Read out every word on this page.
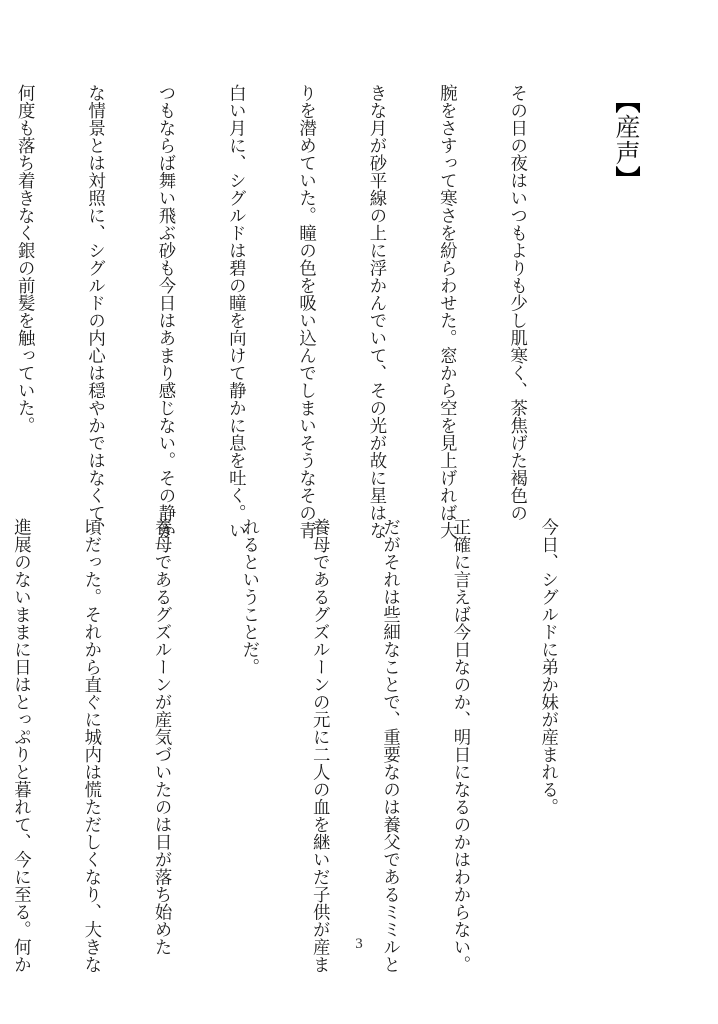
【産声】

その日の夜はいつもよりも少し肌寒く、茶焦げた褐色の

腕をさすって寒さを紛らわせた。窓から空を見上げれば大

きな月が砂平線の上に浮かんでいて、その光が故に星はな

りを潜めていた。瞳の色を吸い込んでしまいそうなその青

白い月に、シグルドは碧の瞳を向けて静かに息を吐く。い

つもならば舞い飛ぶ砂も今日はあまり感じない。その静か

な情景とは対照に、シグルドの内心は穏やかではなくて、

何度も落ち着きなく銀の前髪を触っていた。

今日、シグルドに弟か妹が産まれる。

正確に言えば今日なのか、明日になるのかはわからない。

だがそれは些細なことで、重要なのは養父であるミミルと

養母であるグズルーンの元に二人の血を継いだ子供が産ま

れるということだ。

養母であるグズルーンが産気づいたのは日が落ち始めた

頃だった。それから直ぐに城内は慌ただしくなり、大きな

進展のないままに日はとっぷりと暮れて、今に至る。何か

	3
